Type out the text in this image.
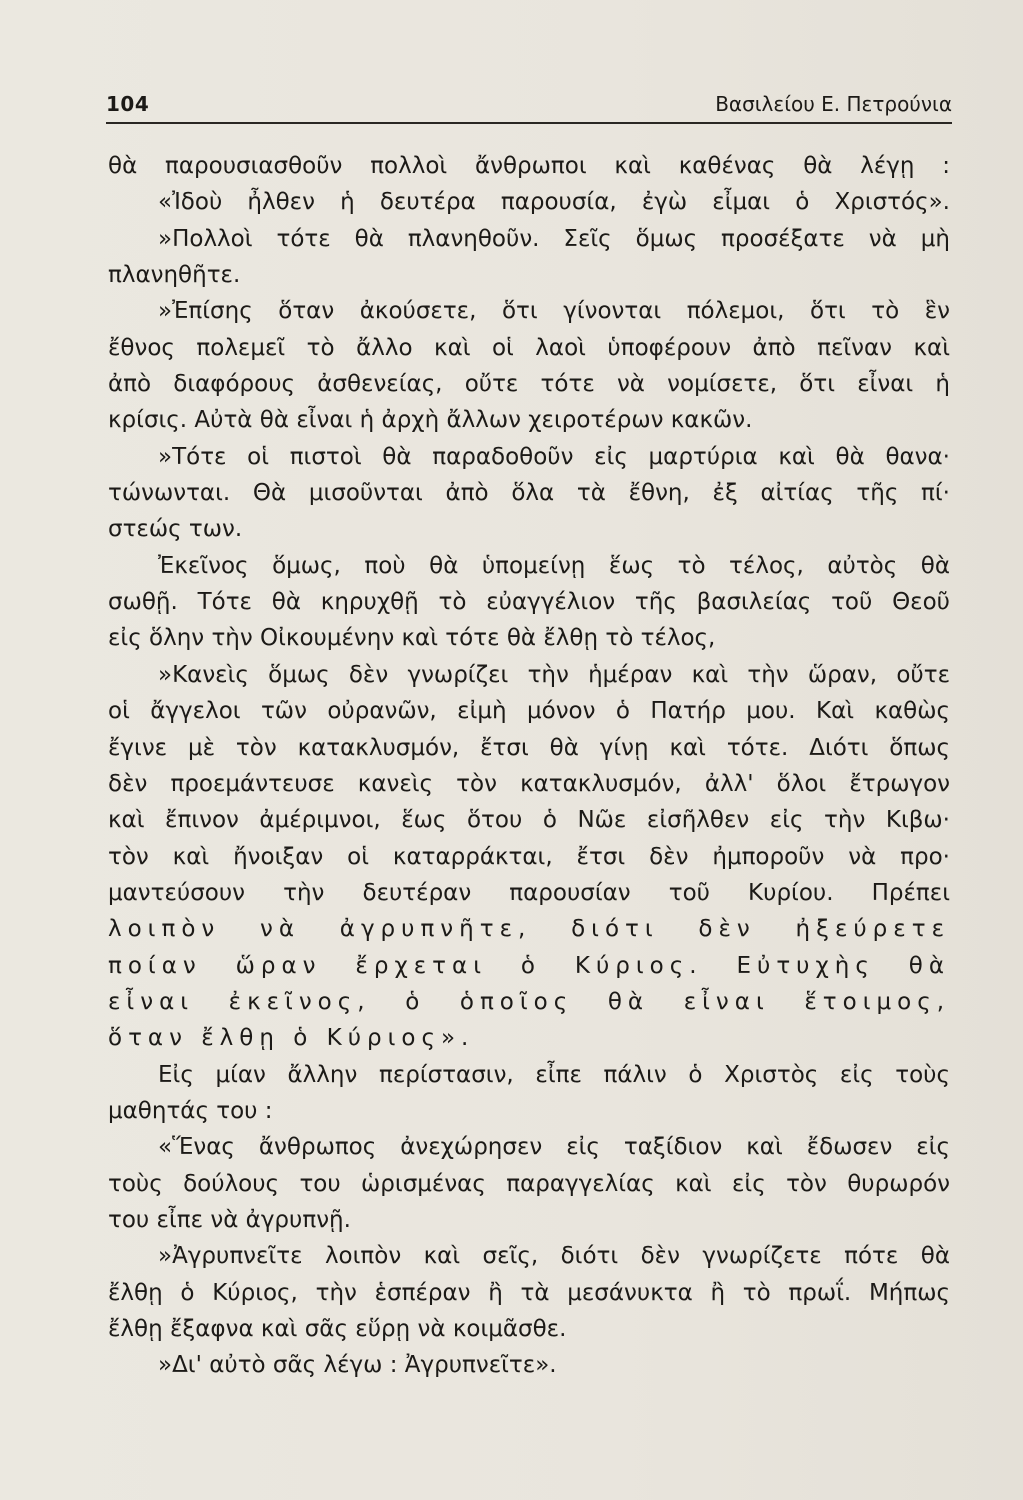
104	Βασιλείου Ε. Πετρούνια
θὰ παρουσιασθοῦν πολλοὶ ἄνθρωποι καὶ καθένας θὰ λέγῃ :
«Ἰδοὺ ἦλθεν ἡ δευτέρα παρουσία, ἐγὼ εἶμαι ὁ Χριστός».
»Πολλοὶ τότε θὰ πλανηθοῦν. Σεῖς ὅμως προσέξατε νὰ μὴ
πλανηθῆτε.
»Ἐπίσης ὅταν ἀκούσετε, ὅτι γίνονται πόλεμοι, ὅτι τὸ ἓν
ἔθνος πολεμεῖ τὸ ἄλλο καὶ οἱ λαοὶ ὑποφέρουν ἀπὸ πεῖναν καὶ
ἀπὸ διαφόρους ἀσθενείας, οὔτε τότε νὰ νομίσετε, ὅτι εἶναι ἡ
κρίσις. Αὐτὰ θὰ εἶναι ἡ ἀρχὴ ἄλλων χειροτέρων κακῶν.
»Τότε οἱ πιστοὶ θὰ παραδοθοῦν εἰς μαρτύρια καὶ θὰ θανα·
τώνωνται. Θὰ μισοῦνται ἀπὸ ὅλα τὰ ἔθνη, ἐξ αἰτίας τῆς πί·
στεώς των.
Ἐκεῖνος ὅμως, ποὺ θὰ ὑπομείνῃ ἕως τὸ τέλος, αὐτὸς θὰ
σωθῇ. Τότε θὰ κηρυχθῇ τὸ εὐαγγέλιον τῆς βασιλείας τοῦ Θεοῦ
εἰς ὅλην τὴν Οἰκουμένην καὶ τότε θὰ ἔλθῃ τὸ τέλος,
»Κανεὶς ὅμως δὲν γνωρίζει τὴν ἡμέραν καὶ τὴν ὥραν, οὔτε
οἱ ἄγγελοι τῶν οὐρανῶν, εἰμὴ μόνον ὁ Πατήρ μου. Καὶ καθὼς
ἔγινε μὲ τὸν κατακλυσμόν, ἔτσι θὰ γίνῃ καὶ τότε. Διότι ὅπως
δὲν προεμάντευσε κανεὶς τὸν κατακλυσμόν, ἀλλ' ὅλοι ἔτρωγον
καὶ ἔπινον ἀμέριμνοι, ἕως ὅτου ὁ Νῶε εἰσῆλθεν εἰς τὴν Κιβω·
τὸν καὶ ἤνοιξαν οἱ καταρράκται, ἔτσι δὲν ἠμποροῦν νὰ προ·
μαντεύσουν τὴν δευτέραν παρουσίαν τοῦ Κυρίου. Πρέπει
λοιπὸν νὰ ἀγρυπνῆτε, διότι δὲν ἠξεύρετε
ποίαν ὥραν ἔρχεται ὁ Κύριος. Εὐτυχὴς θὰ
εἶναι ἐκεῖνος, ὁ ὁποῖος θὰ εἶναι ἕτοιμος,
ὅταν ἔλθῃ ὁ Κύριος».
Εἰς μίαν ἄλλην περίστασιν, εἶπε πάλιν ὁ Χριστὸς εἰς τοὺς
μαθητάς του :
«Ἕνας ἄνθρωπος ἀνεχώρησεν εἰς ταξίδιον καὶ ἔδωσεν εἰς
τοὺς δούλους του ὡρισμένας παραγγελίας καὶ εἰς τὸν θυρωρόν
του εἶπε νὰ ἀγρυπνῇ.
»Ἀγρυπνεῖτε λοιπὸν καὶ σεῖς, διότι δὲν γνωρίζετε πότε θὰ
ἔλθῃ ὁ Κύριος, τὴν ἑσπέραν ἢ τὰ μεσάνυκτα ἢ τὸ πρωΐ. Μήπως
ἔλθῃ ἔξαφνα καὶ σᾶς εὕρῃ νὰ κοιμᾶσθε.
»Δι' αὐτὸ σᾶς λέγω : Ἀγρυπνεῖτε».
